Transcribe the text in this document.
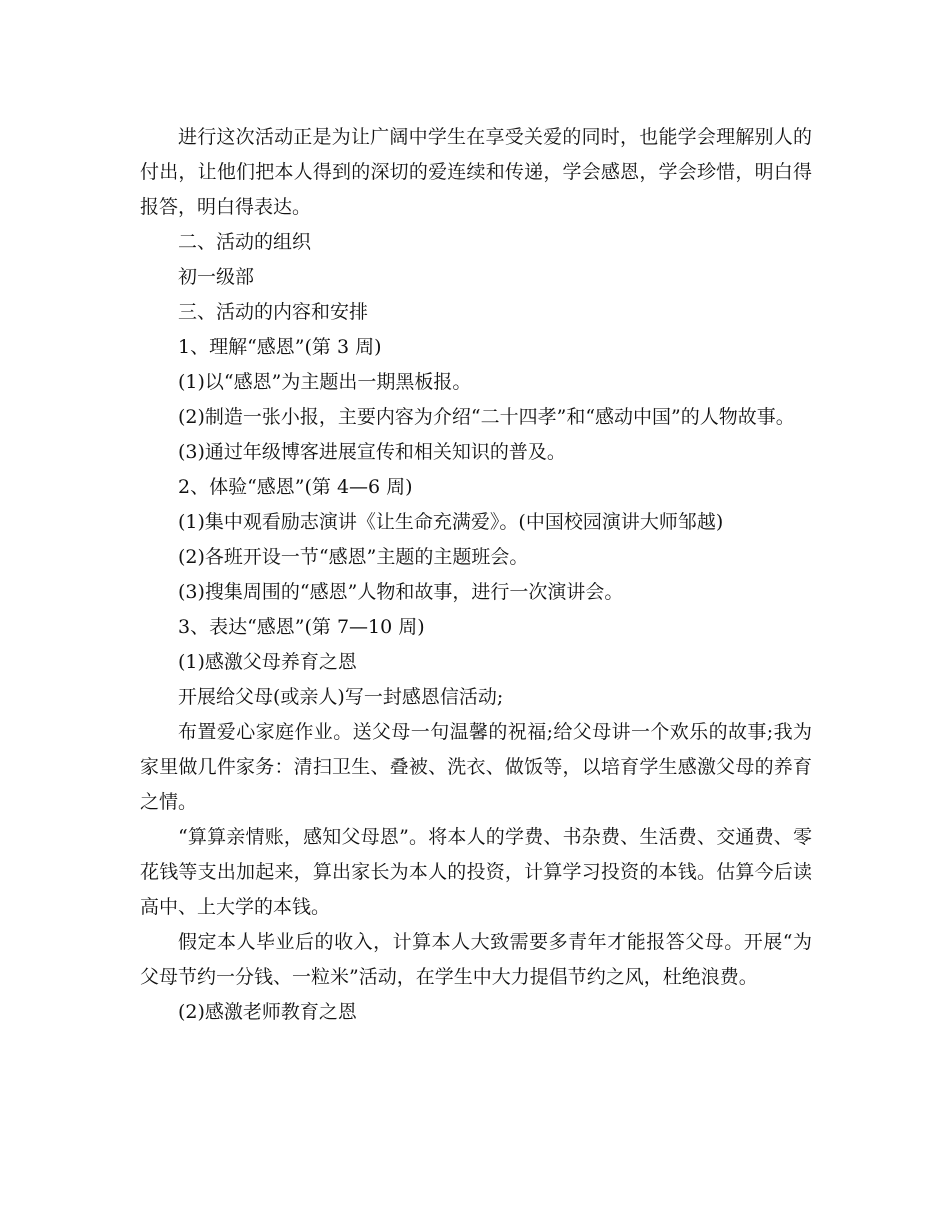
进行这次活动正是为让广阔中学生在享受关爱的同时，也能学会理解别人的付出，让他们把本人得到的深切的爱连续和传递，学会感恩，学会珍惜，明白得报答，明白得表达。

二、活动的组织

初一级部

三、活动的内容和安排

1、理解“感恩”(第 3 周)

(1)以“感恩”为主题出一期黑板报。

(2)制造一张小报，主要内容为介绍“二十四孝”和“感动中国”的人物故事。

(3)通过年级博客进展宣传和相关知识的普及。

2、体验“感恩”(第 4—6 周)

(1)集中观看励志演讲《让生命充满爱》。(中国校园演讲大师邹越)

(2)各班开设一节“感恩”主题的主题班会。

(3)搜集周围的“感恩”人物和故事，进行一次演讲会。

3、表达“感恩”(第 7—10 周)

(1)感激父母养育之恩

开展给父母(或亲人)写一封感恩信活动;

布置爱心家庭作业。送父母一句温馨的祝福;给父母讲一个欢乐的故事;我为家里做几件家务：清扫卫生、叠被、洗衣、做饭等，以培育学生感激父母的养育之情。

“算算亲情账，感知父母恩”。将本人的学费、书杂费、生活费、交通费、零花钱等支出加起来，算出家长为本人的投资，计算学习投资的本钱。估算今后读高中、上大学的本钱。

假定本人毕业后的收入，计算本人大致需要多青年才能报答父母。开展“为父母节约一分钱、一粒米”活动，在学生中大力提倡节约之风，杜绝浪费。

(2)感激老师教育之恩
